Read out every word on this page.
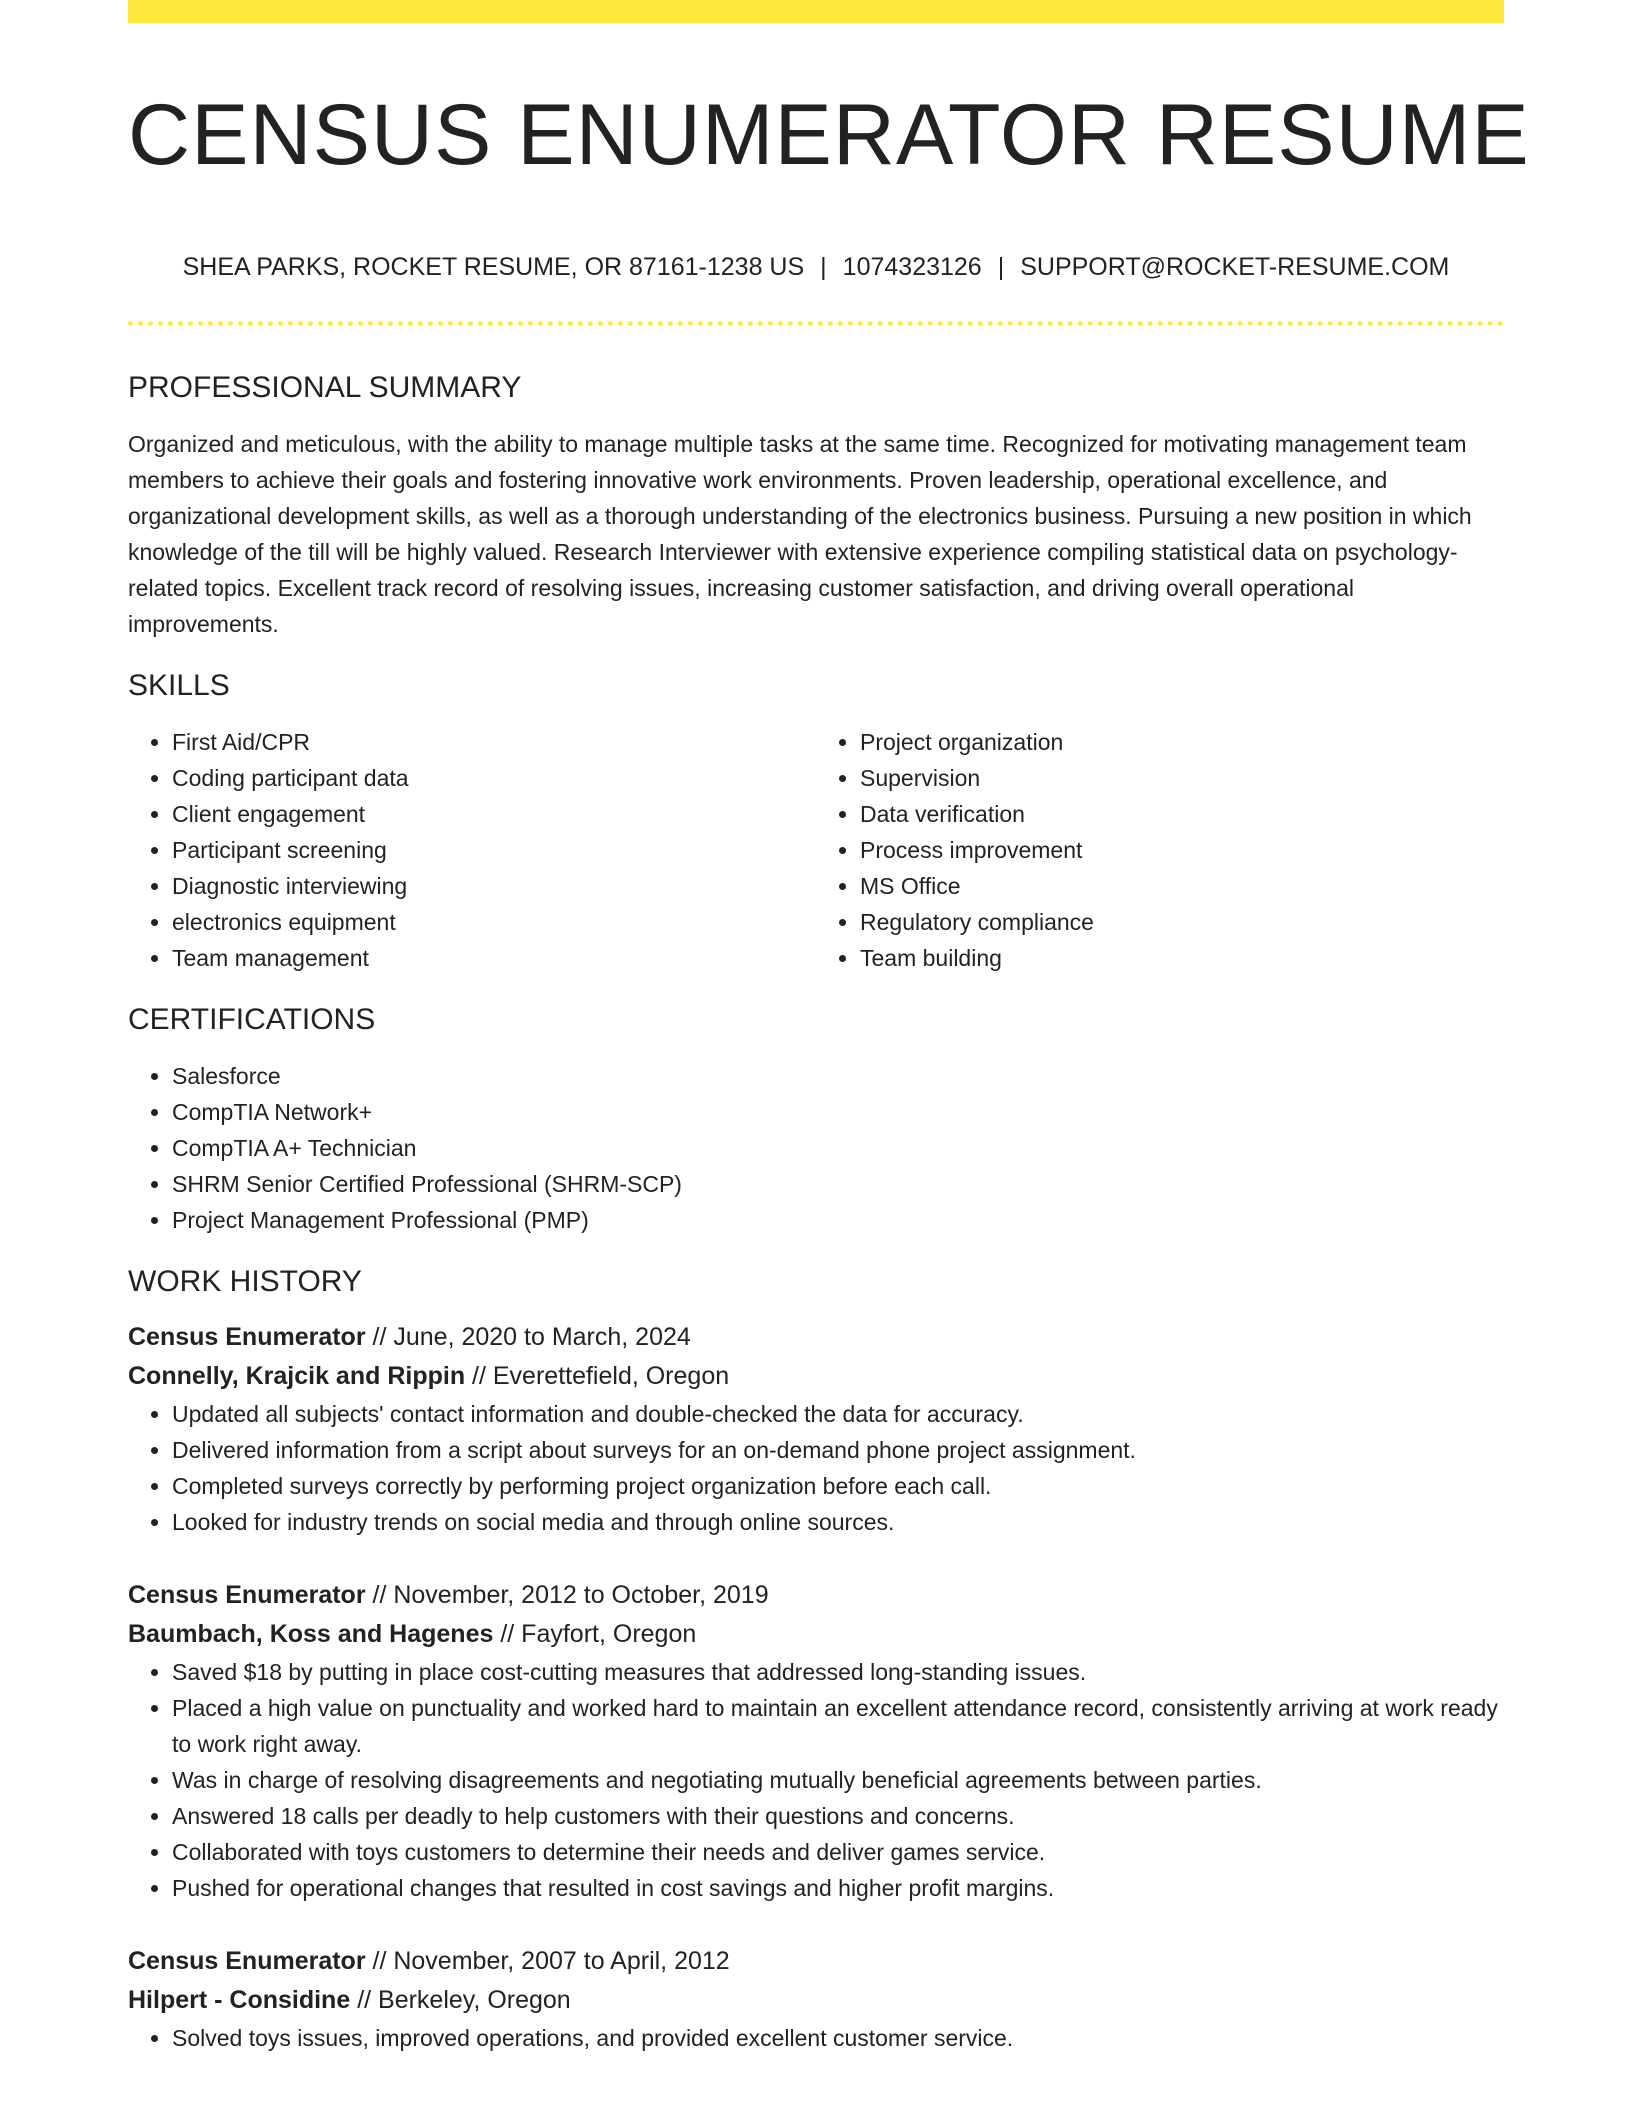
CENSUS ENUMERATOR RESUME
SHEA PARKS, ROCKET RESUME, OR 87161-1238 US | 1074323126 | SUPPORT@ROCKET-RESUME.COM
PROFESSIONAL SUMMARY

Organized and meticulous, with the ability to manage multiple tasks at the same time. Recognized for motivating management team members to achieve their goals and fostering innovative work environments. Proven leadership, operational excellence, and organizational development skills, as well as a thorough understanding of the electronics business. Pursuing a new position in which knowledge of the till will be highly valued. Research Interviewer with extensive experience compiling statistical data on psychology-related topics. Excellent track record of resolving issues, increasing customer satisfaction, and driving overall operational improvements.

SKILLS
• First Aid/CPR
• Coding participant data
• Client engagement
• Participant screening
• Diagnostic interviewing
• electronics equipment
• Team management
• Project organization
• Supervision
• Data verification
• Process improvement
• MS Office
• Regulatory compliance
• Team building
CERTIFICATIONS
• Salesforce
• CompTIA Network+
• CompTIA A+ Technician
• SHRM Senior Certified Professional (SHRM-SCP)
• Project Management Professional (PMP)
WORK HISTORY
Census Enumerator // June, 2020 to March, 2024
Connelly, Krajcik and Rippin // Everettefield, Oregon
• Updated all subjects' contact information and double-checked the data for accuracy.
• Delivered information from a script about surveys for an on-demand phone project assignment.
• Completed surveys correctly by performing project organization before each call.
• Looked for industry trends on social media and through online sources.
Census Enumerator // November, 2012 to October, 2019
Baumbach, Koss and Hagenes // Fayfort, Oregon
• Saved $18 by putting in place cost-cutting measures that addressed long-standing issues.
• Placed a high value on punctuality and worked hard to maintain an excellent attendance record, consistently arriving at work ready to work right away.
• Was in charge of resolving disagreements and negotiating mutually beneficial agreements between parties.
• Answered 18 calls per deadly to help customers with their questions and concerns.
• Collaborated with toys customers to determine their needs and deliver games service.
• Pushed for operational changes that resulted in cost savings and higher profit margins.
Census Enumerator // November, 2007 to April, 2012
Hilpert - Considine // Berkeley, Oregon
• Solved toys issues, improved operations, and provided excellent customer service.
